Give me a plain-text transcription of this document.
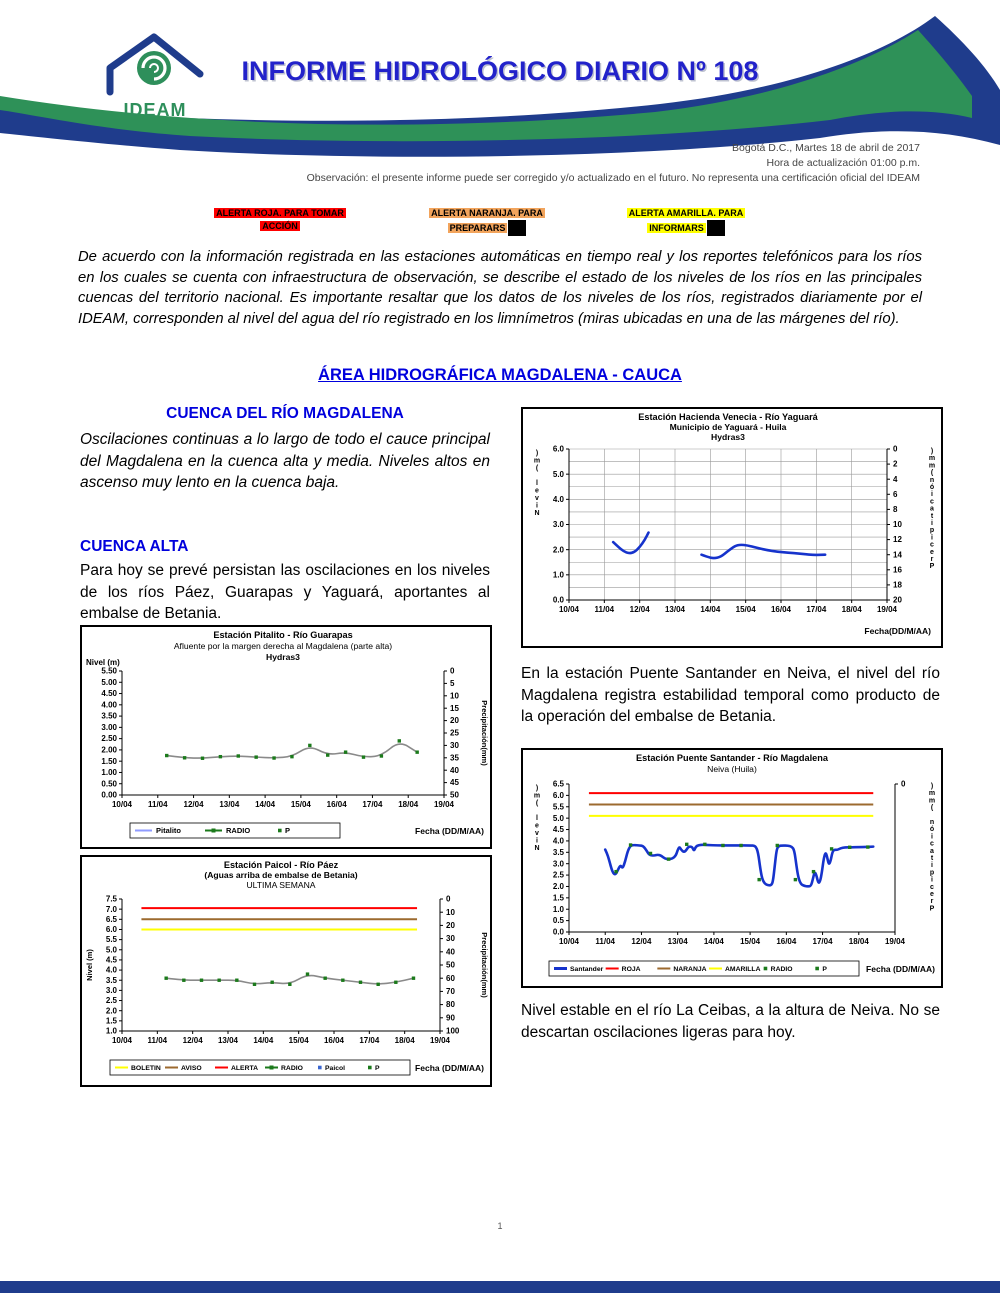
IDEAM
INFORME HIDROLÓGICO DIARIO Nº 108
Bogotá D.C., Martes 18 de abril de 2017
Hora de actualización 01:00 p.m.
Observación: el presente informe puede ser corregido y/o actualizado en el futuro. No representa una certificación oficial del IDEAM
ALERTA ROJA. PARA TOMAR
ACCIÓN
ALERTA NARANJA. PARA
PREPARARS
ALERTA AMARILLA. PARA
INFORMARS

De acuerdo con la información registrada en las estaciones automáticas en tiempo real y los reportes telefónicos para los ríos en los cuales se cuenta con infraestructura de observación, se describe el estado de los niveles de los ríos en las principales cuencas del territorio nacional. Es importante resaltar que los datos de los niveles de los ríos, registrados diariamente por el IDEAM, corresponden al nivel del agua del río registrado en los limnímetros (miras ubicadas en una de las márgenes del río).

ÁREA HIDROGRÁFICA MAGDALENA - CAUCA
CUENCA DEL RÍO MAGDALENA
Oscilaciones continuas a lo largo de todo el cauce principal del Magdalena en la cuenca alta y media. Niveles altos en ascenso muy lento en la cuenca baja.
CUENCA ALTA
Para hoy se prevé persistan las oscilaciones en los niveles de los ríos Páez, Guarapas y Yaguará, aportantes al embalse de Betania.
En la estación Puente Santander en Neiva, el nivel del río Magdalena registra estabilidad temporal como producto de la operación del embalse de Betania.
Nivel estable en el río La Ceibas, a la altura de Neiva. No se descartan oscilaciones ligeras para hoy.
0.00
0.50
1.00
1.50
2.00
2.50
3.00
3.50
4.00
4.50
5.00
5.50	0
5
10
15
20
25
30
35
40
45
50
10/04 11/04 12/04 13/04 14/04 15/04 16/04 17/04 18/04 19/04
Estación Pitalito - Río Guarapas
Afluente por la margen derecha al Magdalena (parte alta)
Hydras3
Nivel (m)
Precipitación(mm)
Pitalito	RADIO	P	Fecha (DD/M/AA)
0.0
1.0
2.0
3.0
4.0
5.0
6.0	0
2
4
6
8
10
12
14
16
18
20
10/04 11/04 12/04 13/04 14/04 15/04 16/04 17/04 18/04 19/04
Estación Hacienda Venecia - Río Yaguará
Municipio de Yaguará - Huila
Hydras3
)
m
(
l
e
v
i
N
)
m
m
(
n
ó
i
c
a
t
i
p
i
c
e
r
P
Fecha(DD/M/AA)
1.0
1.5
2.0
2.5
3.0
3.5
4.0
4.5
5.0
5.5
6.0
6.5
7.0
7.5	0
10
20
30
40
50
60
70
80
90
100
10/04 11/04 12/04 13/04 14/04 15/04 16/04 17/04 18/04 19/04
Estación Paicol - Río Páez
(Aguas arriba de embalse de Betania)
ULTIMA SEMANA
Nivel (m)	Precipitación(mm)
BOLETIN	AVISO	ALERTA	RADIO	Paicol	P	Fecha (DD/M/AA)
0.0
0.5
1.0
1.5
2.0
2.5
3.0
3.5
4.0
4.5
5.0
5.5
6.0
6.5	0
10/04 11/04 12/04 13/04 14/04 15/04 16/04 17/04 18/04 19/04
Estación Puente Santander - Río Magdalena
Neiva (Huila)
)
m
(
l
e
v
i
N
)
m
m
(
n
ó
i
c
a
t
i
p
i
c
e
r
P
Santander	ROJA	NARANJA	AMARILLA RADIO	P	Fecha (DD/M/AA)
1
